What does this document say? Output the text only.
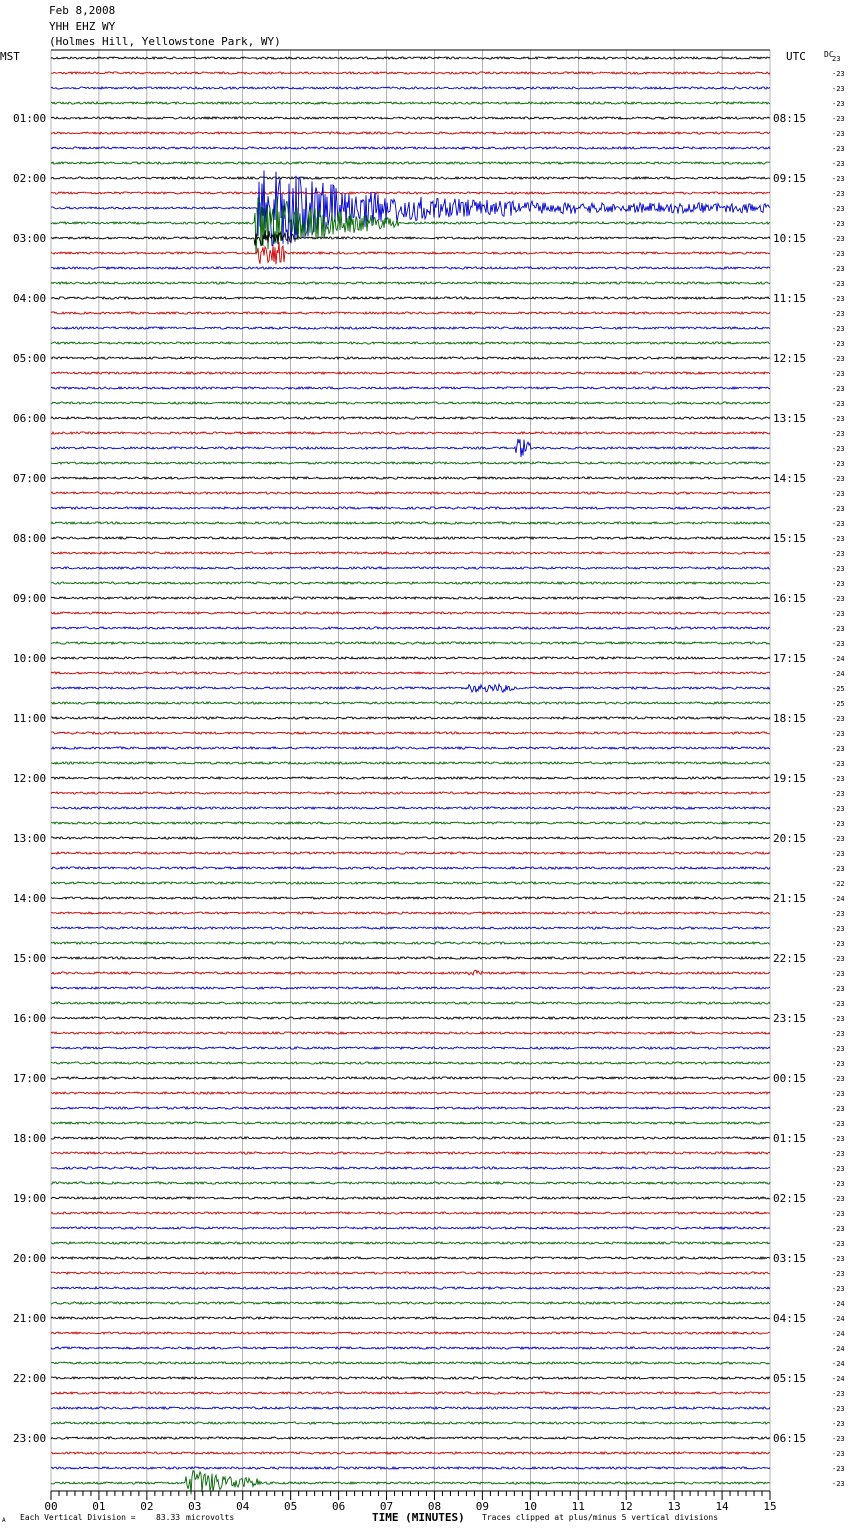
Feb 8,2008
YHH EHZ WY
(Holmes Hill, Yellowstone Park, WY)
MST	UTC DC
01:00	08:15
02:00	09:15
03:00	10:15
04:00	11:15
05:00	12:15
06:00	13:15
07:00	14:15
08:00	15:15
09:00	16:15
10:00	17:15
11:00	18:15
12:00	19:15
13:00	20:15
14:00	21:15
15:00	22:15
16:00	23:15
17:00	00:15
18:00	01:15
19:00	02:15
20:00	03:15
21:00	04:15
22:00	05:15
23:00	06:15
23
-23
-23
-23
-23
-23
-23
-23
-23
-23
-23
-23
-23
-23
-23
-23
-23
-23
-23
-23
-23
-23
-23
-23
-23
-23
-23
-23
-23
-23
-23
-23
-23
-23
-23
-23
-23
-23
-23
-23
-24
-24
-25
-25
-23
-23
-23
-23
-23
-23
-23
-23
-23
-23
-23
-22
-24
-23
-23
-23
-23
-23
-23
-23
-23
-23
-23
-23
-23
-23
-23
-23
-23
-23
-23
-23
-23
-23
-23
-23
-23
-23
-23
-24
-24
-24
-24
-24
-24
-23
-23
-23
-23
-23
-23
-23
00	01	02	03	04	05	06	07	08	09	10	11	12	13	14	15
TIME (MINUTES)
A Each Vertical Division =	83.33 microvolts	Traces clipped at plus/minus 5 vertical divisions
